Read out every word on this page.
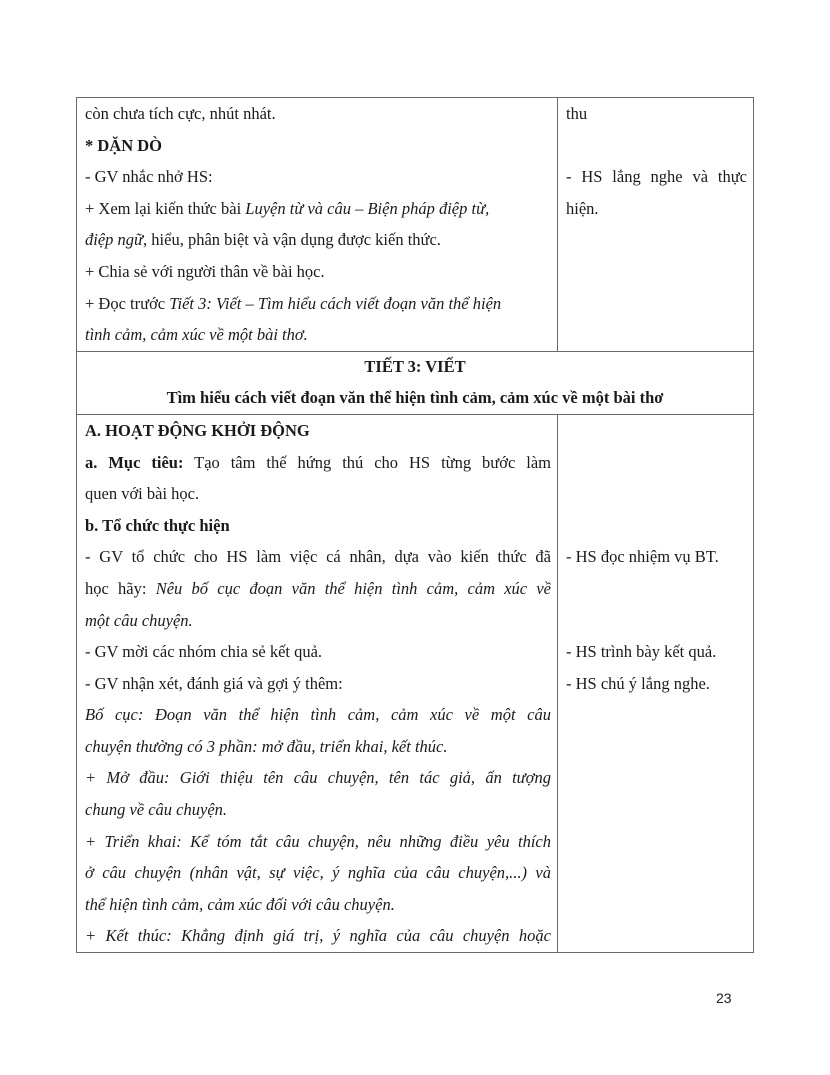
còn chưa tích cực, nhút nhát.
* DẶN DÒ
- GV nhắc nhở HS:
+ Xem lại kiến thức bài Luyện từ và câu – Biện pháp điệp từ,
điệp ngữ, hiểu, phân biệt và vận dụng được kiến thức.
+ Chia sẻ với người thân về bài học.
+ Đọc trước Tiết 3: Viết – Tìm hiểu cách viết đoạn văn thể hiện
tình cảm, cảm xúc về một bài thơ.
thu
- HS lắng nghe và thực
hiện.
TIẾT 3: VIẾT
Tìm hiểu cách viết đoạn văn thể hiện tình cảm, cảm xúc về một bài thơ
A. HOẠT ĐỘNG KHỞI ĐỘNG
a. Mục tiêu: Tạo tâm thế hứng thú cho HS từng bước làm
quen với bài học.
b. Tổ chức thực hiện
- GV tổ chức cho HS làm việc cá nhân, dựa vào kiến thức đã
học hãy: Nêu bố cục đoạn văn thể hiện tình cảm, cảm xúc về
một câu chuyện.
- GV mời các nhóm chia sẻ kết quả.
- GV nhận xét, đánh giá và gợi ý thêm:
Bố cục: Đoạn văn thể hiện tình cảm, cảm xúc về một câu
chuyện thường có 3 phần: mở đầu, triển khai, kết thúc.
+ Mở đầu: Giới thiệu tên câu chuyện, tên tác giả, ấn tượng
chung về câu chuyện.
+ Triển khai: Kể tóm tắt câu chuyện, nêu những điều yêu thích
ở câu chuyện (nhân vật, sự việc, ý nghĩa của câu chuyện,...) và
thể hiện tình cảm, cảm xúc đối với câu chuyện.
+ Kết thúc: Khẳng định giá trị, ý nghĩa của câu chuyện hoặc
- HS đọc nhiệm vụ BT.
- HS trình bày kết quả.
- HS chú ý lắng nghe.
23
